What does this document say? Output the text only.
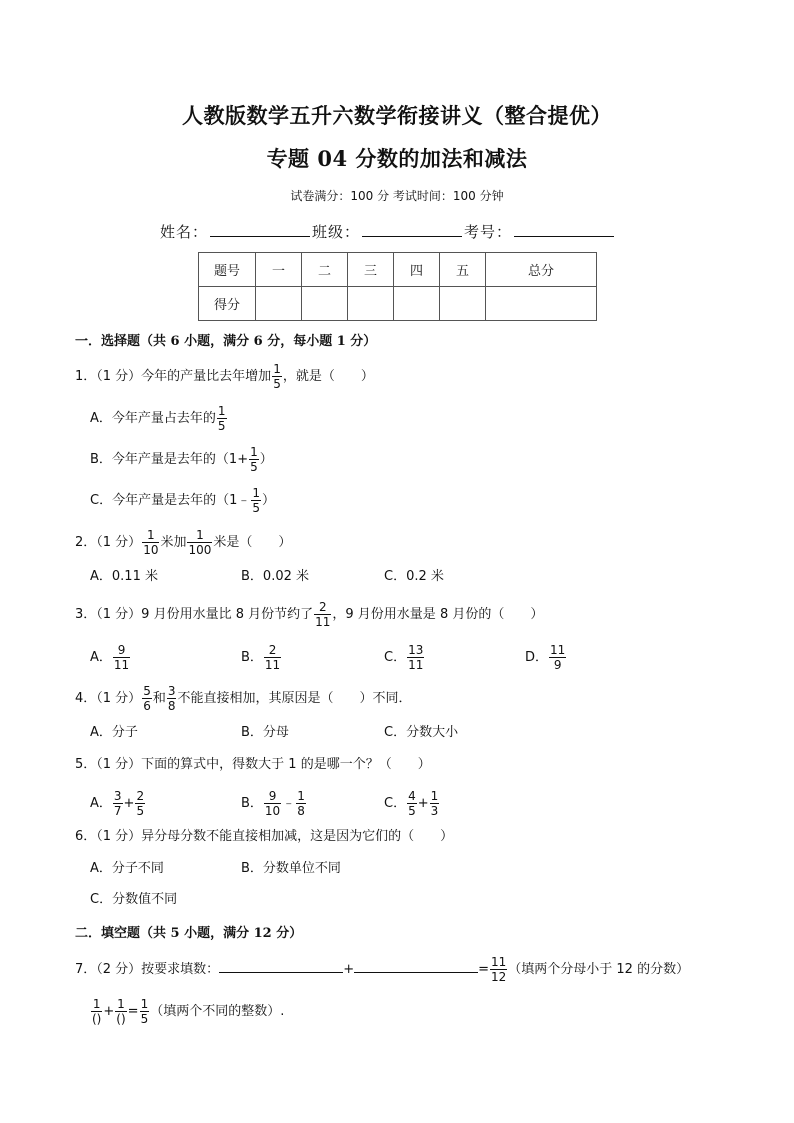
人教版数学五升六数学衔接讲义（整合提优）
专题 04 分数的加法和减法
试卷满分：100 分 考试时间：100 分钟
姓名：	班级：	考号：
题号	一	二	三	四	五	总分
得分						
一．选择题（共 6 小题，满分 6 分，每小题 1 分）
1．（1 分）今年的产量比去年增加 $\frac{1}{5}$ ，就是（　　）
A．今年产量占去年的 $\frac{1}{5}$
B．今年产量是去年的（$1+ \frac{1}{5}$ ）
C．今年产量是去年的（1﹣ $\frac{1}{5}$ ）
2．（1 分） $\frac{1}{10}$ 米加 $\frac{1}{100}$ 米是（　　）
A．0.11 米	B．0.02 米	C．0.2 米
3．（1 分）9 月份用水量比 8 月份节约了 $\frac{2}{11}$ ，9 月份用水量是 8 月份的（　　）
A． $\frac{9}{11}$	B． $\frac{2}{11}$	C． $\frac{13}{11}$	D． $\frac{11}{9}$
4．（1 分） $\frac{5}{6}$ 和 $\frac{3}{8}$ 不能直接相加，其原因是（　　）不同．
A．分子	B．分母	C．分数大小
5．（1 分）下面的算式中，得数大于 1 的是哪一个？（　　）
A． $\frac{3}{7} + \frac{2}{5}$	B． $\frac{9}{10}$ ﹣ $\frac{1}{8}$	C． $\frac{4}{5} + \frac{1}{3}$
6．（1 分）异分母分数不能直接相加减，这是因为它们的（　　）
A．分子不同	B．分数单位不同
C．分数值不同
二．填空题（共 5 小题，满分 12 分）
7．（2 分）按要求填数：	+	= $\frac{11}{12}$ （填两个分母小于 12 的分数）
$\frac{1}{()} + \frac{1}{()} = \frac{1}{5}$ （填两个不同的整数）.
